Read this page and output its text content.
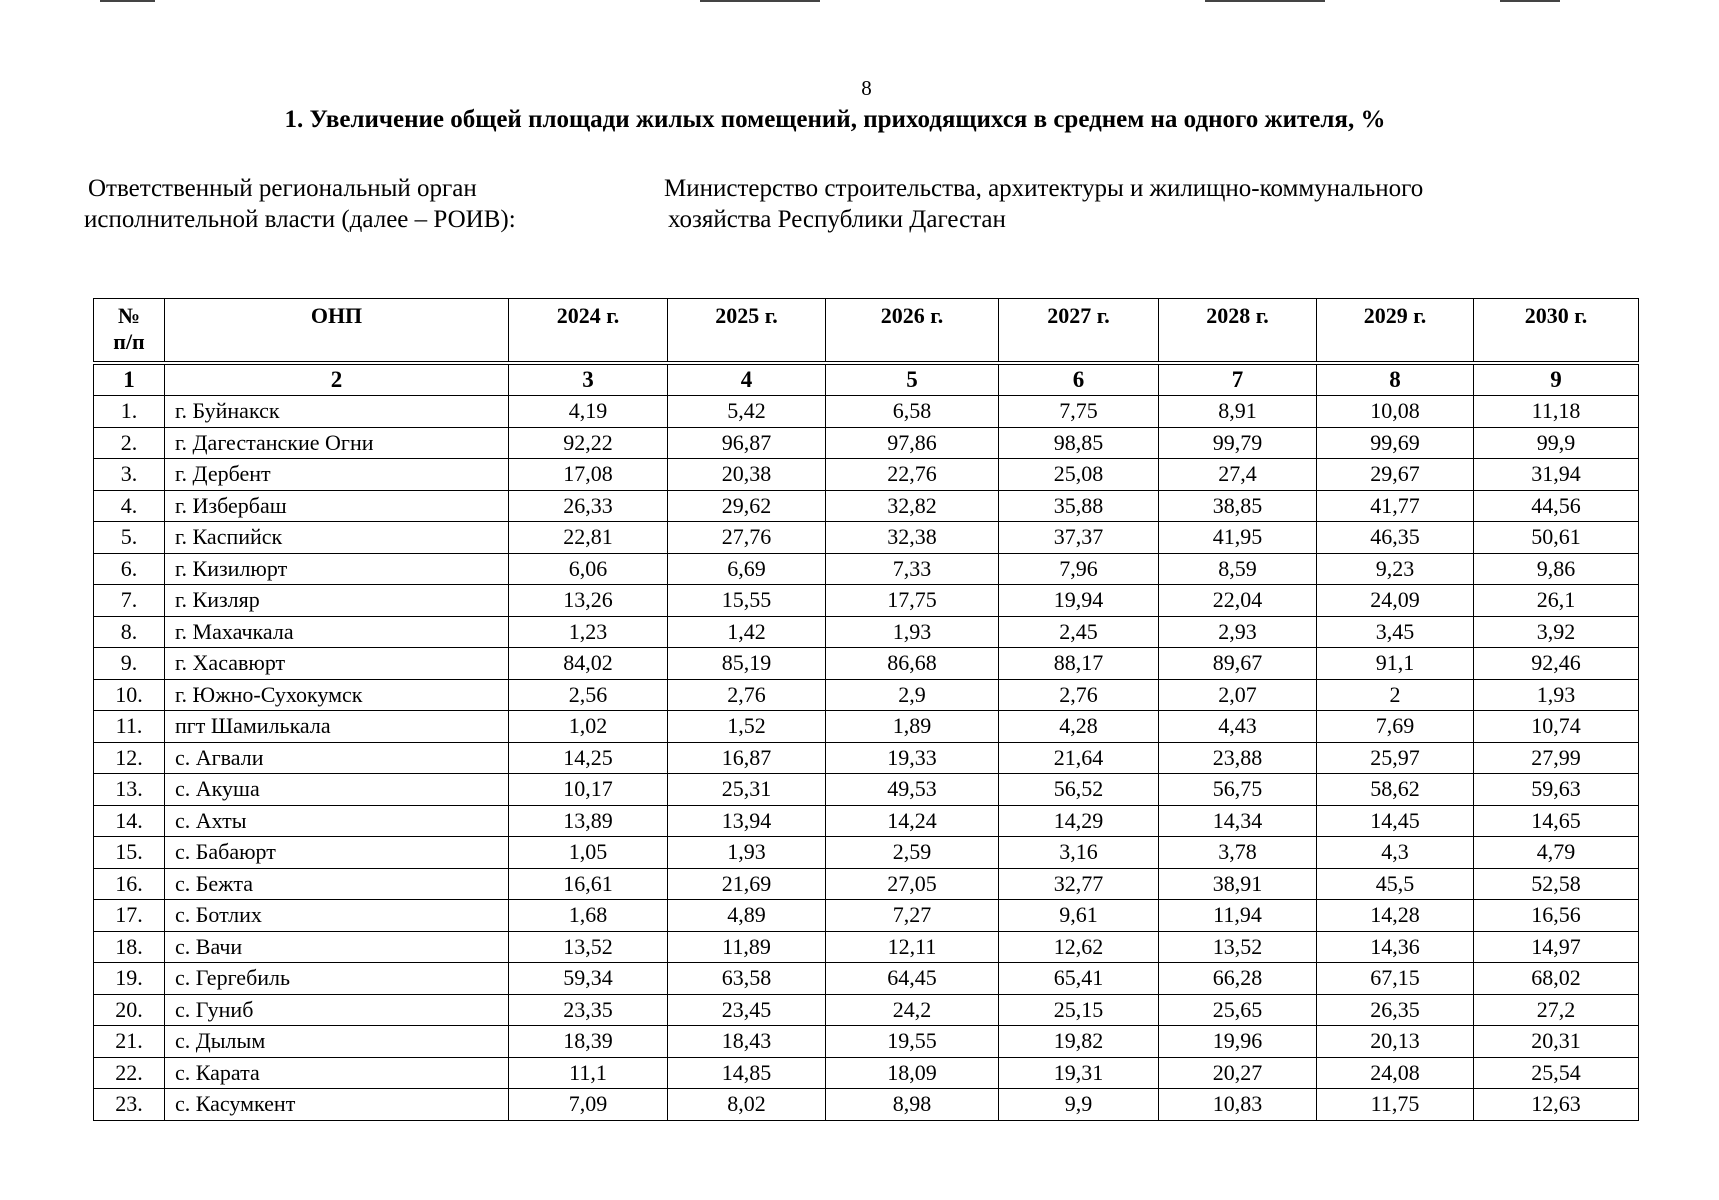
8
1. Увеличение общей площади жилых помещений, приходящихся в среднем на одного жителя, %
Ответственный региональный орган
исполнительной власти (далее – РОИВ):
Министерство строительства, архитектуры и жилищно-коммунального
хозяйства Республики Дагестан
№
п/п	ОНП	2024 г.	2025 г.	2026 г.	2027 г.	2028 г.	2029 г.	2030 г.
1	2	3	4	5	6	7	8	9
1.	г. Буйнакск	4,19	5,42	6,58	7,75	8,91	10,08	11,18
2.	г. Дагестанские Огни	92,22	96,87	97,86	98,85	99,79	99,69	99,9
3.	г. Дербент	17,08	20,38	22,76	25,08	27,4	29,67	31,94
4.	г. Избербаш	26,33	29,62	32,82	35,88	38,85	41,77	44,56
5.	г. Каспийск	22,81	27,76	32,38	37,37	41,95	46,35	50,61
6.	г. Кизилюрт	6,06	6,69	7,33	7,96	8,59	9,23	9,86
7.	г. Кизляр	13,26	15,55	17,75	19,94	22,04	24,09	26,1
8.	г. Махачкала	1,23	1,42	1,93	2,45	2,93	3,45	3,92
9.	г. Хасавюрт	84,02	85,19	86,68	88,17	89,67	91,1	92,46
10.	г. Южно-Сухокумск	2,56	2,76	2,9	2,76	2,07	2	1,93
11.	пгт Шамилькала	1,02	1,52	1,89	4,28	4,43	7,69	10,74
12.	с. Агвали	14,25	16,87	19,33	21,64	23,88	25,97	27,99
13.	с. Акуша	10,17	25,31	49,53	56,52	56,75	58,62	59,63
14.	с. Ахты	13,89	13,94	14,24	14,29	14,34	14,45	14,65
15.	с. Бабаюрт	1,05	1,93	2,59	3,16	3,78	4,3	4,79
16.	с. Бежта	16,61	21,69	27,05	32,77	38,91	45,5	52,58
17.	с. Ботлих	1,68	4,89	7,27	9,61	11,94	14,28	16,56
18.	с. Вачи	13,52	11,89	12,11	12,62	13,52	14,36	14,97
19.	с. Гергебиль	59,34	63,58	64,45	65,41	66,28	67,15	68,02
20.	с. Гуниб	23,35	23,45	24,2	25,15	25,65	26,35	27,2
21.	с. Дылым	18,39	18,43	19,55	19,82	19,96	20,13	20,31
22.	с. Карата	11,1	14,85	18,09	19,31	20,27	24,08	25,54
23.	с. Касумкент	7,09	8,02	8,98	9,9	10,83	11,75	12,63
